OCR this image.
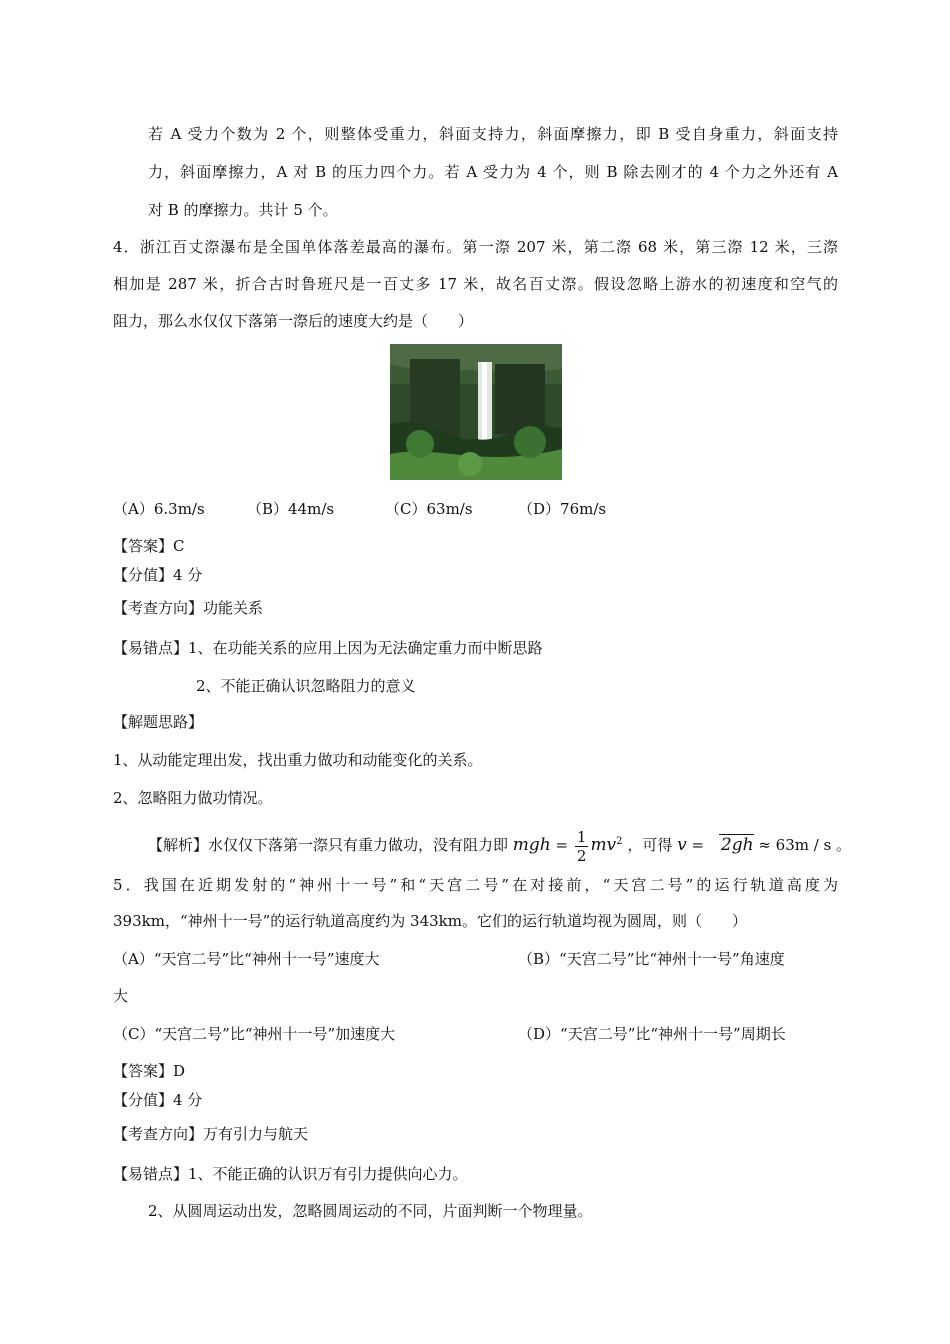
若 A 受力个数为 2 个，则整体受重力，斜面支持力，斜面摩擦力，即 B 受自身重力，斜面支持
力，斜面摩擦力，A 对 B 的压力四个力。若 A 受力为 4 个，则 B 除去刚才的 4 个力之外还有 A
对 B 的摩擦力。共计 5 个。
4．浙江百丈漈瀑布是全国单体落差最高的瀑布。第一漈 207 米，第二漈 68 米，第三漈 12 米，三漈
相加是 287 米，折合古时鲁班尺是一百丈多 17 米，故名百丈漈。假设忽略上游水的初速度和空气的
阻力，那么水仅仅下落第一漈后的速度大约是（　　）
（A）6.3m/s	（B）44m/s	（C）63m/s	（D）76m/s
【答案】C
【分值】4 分
【考查方向】功能关系
【易错点】1、在功能关系的应用上因为无法确定重力而中断思路
2、不能正确认识忽略阻力的意义
【解题思路】
1、从动能定理出发，找出重力做功和动能变化的关系。
2、忽略阻力做功情况。
【解析】水仅仅下落第一漈只有重力做功，没有阻力即 mgh = $\frac{1}{2} mv^2$ ，可得 v = 2gh ≈ 63m / s 。
5．我国在近期发射的“神州十一号”和“天宫二号”在对接前，“天宫二号”的运行轨道高度为
393km，“神州十一号”的运行轨道高度约为 343km。它们的运行轨道均视为圆周，则（　　）
（A）“天宫二号”比“神州十一号”速度大	（B）“天宫二号”比“神州十一号”角速度
大
（C）“天宫二号”比“神州十一号”加速度大	（D）“天宫二号”比“神州十一号”周期长
【答案】D
【分值】4 分
【考查方向】万有引力与航天
【易错点】1、不能正确的认识万有引力提供向心力。
2、从圆周运动出发，忽略圆周运动的不同，片面判断一个物理量。
